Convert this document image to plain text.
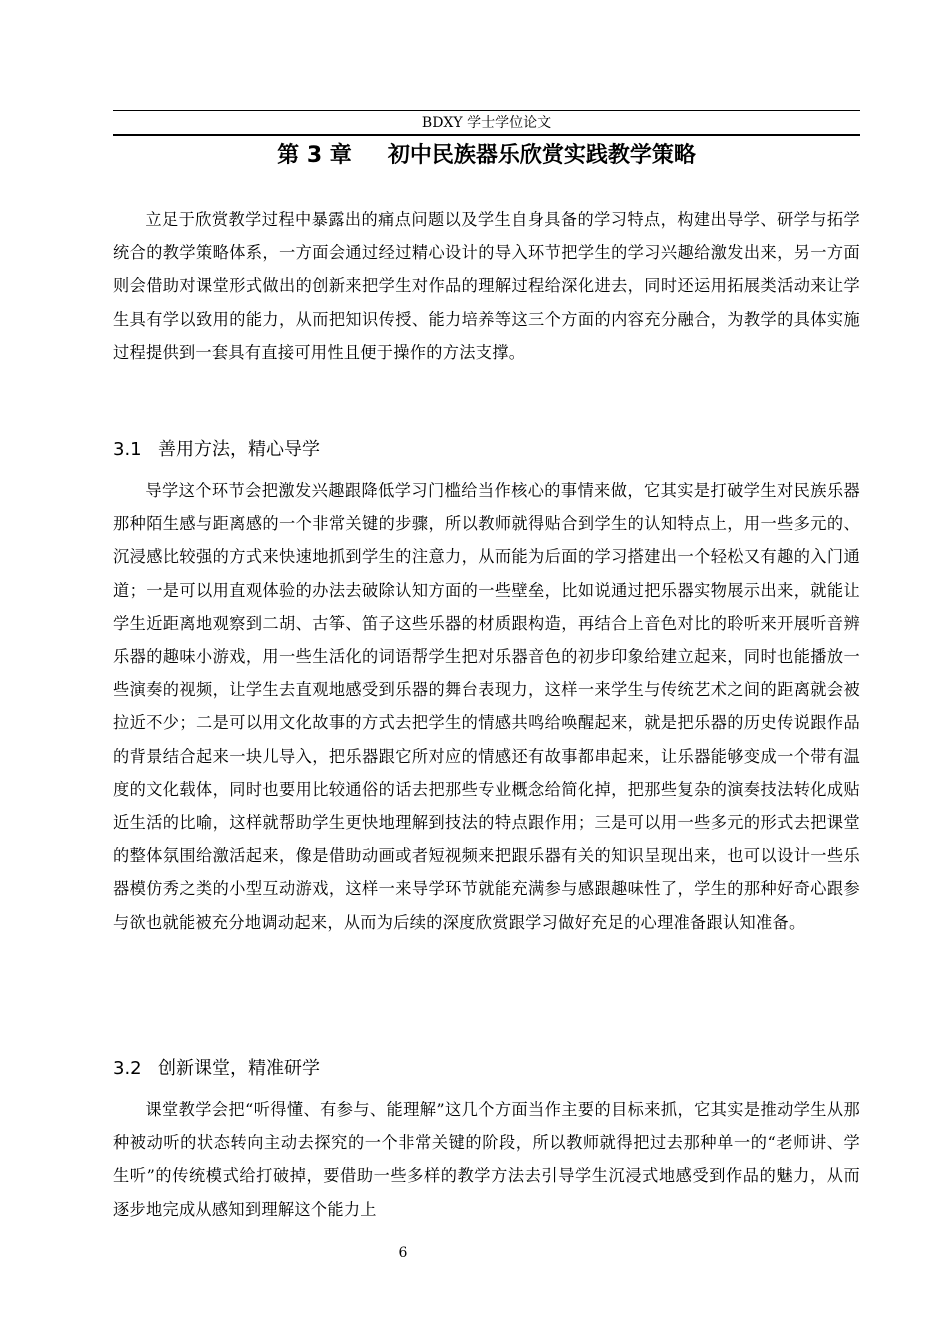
BDXY 学士学位论文
第 3 章 初中民族器乐欣赏实践教学策略

立足于欣赏教学过程中暴露出的痛点问题以及学生自身具备的学习特点，构建出导学、研学与拓学统合的教学策略体系，一方面会通过经过精心设计的导入环节把学生的学习兴趣给激发出来，另一方面则会借助对课堂形式做出的创新来把学生对作品的理解过程给深化进去，同时还运用拓展类活动来让学生具有学以致用的能力，从而把知识传授、能力培养等这三个方面的内容充分融合，为教学的具体实施过程提供到一套具有直接可用性且便于操作的方法支撑。

3.1 善用方法，精心导学

导学这个环节会把激发兴趣跟降低学习门槛给当作核心的事情来做，它其实是打破学生对民族乐器那种陌生感与距离感的一个非常关键的步骤，所以教师就得贴合到学生的认知特点上，用一些多元的、沉浸感比较强的方式来快速地抓到学生的注意力，从而能为后面的学习搭建出一个轻松又有趣的入门通道；一是可以用直观体验的办法去破除认知方面的一些壁垒，比如说通过把乐器实物展示出来，就能让学生近距离地观察到二胡、古筝、笛子这些乐器的材质跟构造，再结合上音色对比的聆听来开展听音辨乐器的趣味小游戏，用一些生活化的词语帮学生把对乐器音色的初步印象给建立起来，同时也能播放一些演奏的视频，让学生去直观地感受到乐器的舞台表现力，这样一来学生与传统艺术之间的距离就会被拉近不少；二是可以用文化故事的方式去把学生的情感共鸣给唤醒起来，就是把乐器的历史传说跟作品的背景结合起来一块儿导入，把乐器跟它所对应的情感还有故事都串起来，让乐器能够变成一个带有温度的文化载体，同时也要用比较通俗的话去把那些专业概念给简化掉，把那些复杂的演奏技法转化成贴近生活的比喻，这样就帮助学生更快地理解到技法的特点跟作用；三是可以用一些多元的形式去把课堂的整体氛围给激活起来，像是借助动画或者短视频来把跟乐器有关的知识呈现出来，也可以设计一些乐器模仿秀之类的小型互动游戏，这样一来导学环节就能充满参与感跟趣味性了，学生的那种好奇心跟参与欲也就能被充分地调动起来，从而为后续的深度欣赏跟学习做好充足的心理准备跟认知准备。

3.2 创新课堂，精准研学

课堂教学会把“听得懂、有参与、能理解”这几个方面当作主要的目标来抓，它其实是推动学生从那种被动听的状态转向主动去探究的一个非常关键的阶段，所以教师就得把过去那种单一的“老师讲、学生听”的传统模式给打破掉，要借助一些多样的教学方法去引导学生沉浸式地感受到作品的魅力，从而逐步地完成从感知到理解这个能力上

6
